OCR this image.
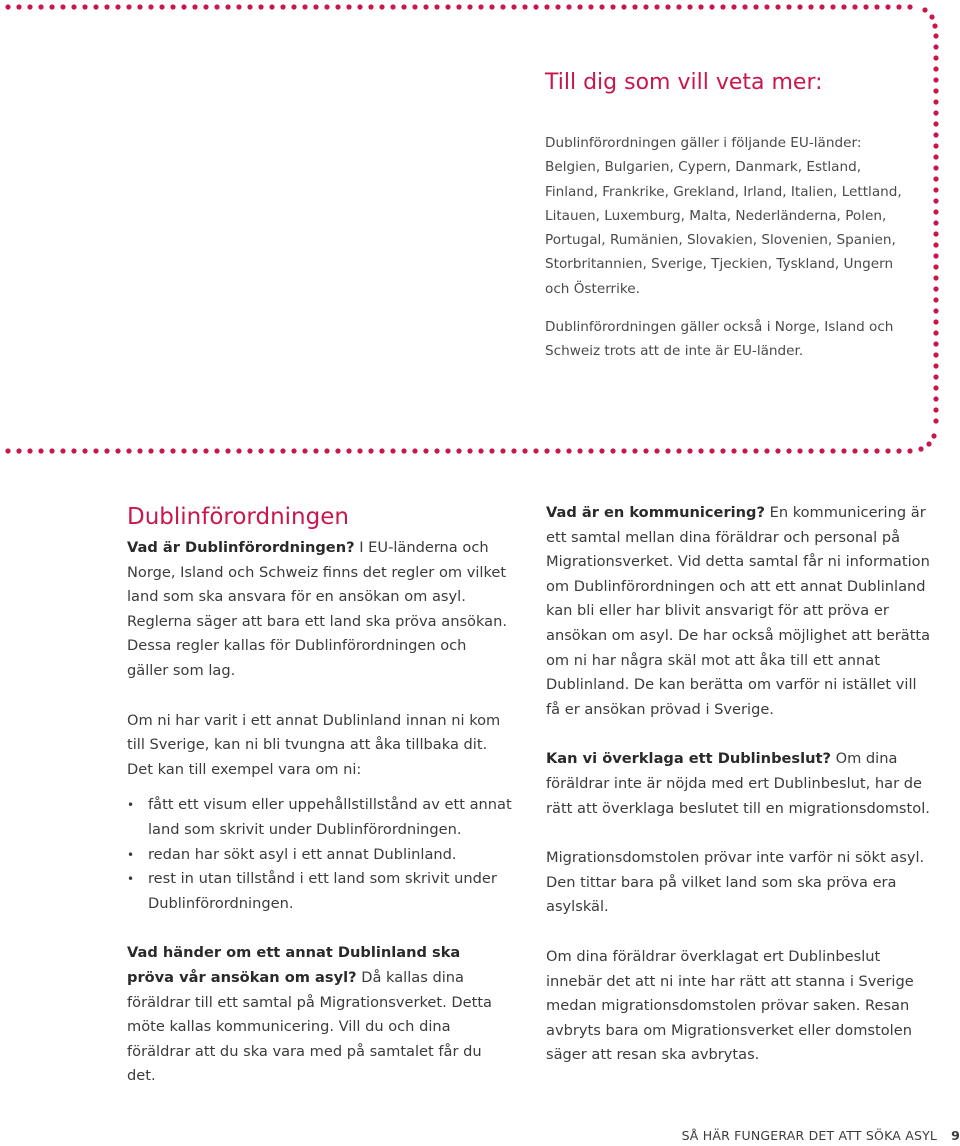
Till dig som vill veta mer:

Dublinförordningen gäller i följande EU-länder: Belgien, Bulgarien, Cypern, Danmark, Estland, Finland, Frankrike, Grekland, Irland, Italien, Lettland, Litauen, Luxemburg, Malta, Nederländerna, Polen, Portugal, Rumänien, Slovakien, Slovenien, Spanien, Storbritannien, Sverige, Tjeckien, Tyskland, Ungern och Österrike.

Dublinförordningen gäller också i Norge, Island och Schweiz trots att de inte är EU-länder.

Dublinförordningen

Vad är Dublinförordningen? I EU-länderna och Norge, Island och Schweiz finns det regler om vilket land som ska ansvara för en ansökan om asyl. Reglerna säger att bara ett land ska pröva ansökan. Dessa regler kallas för Dublinförordningen och gäller som lag.

Om ni har varit i ett annat Dublinland innan ni kom till Sverige, kan ni bli tvungna att åka tillbaka dit. Det kan till exempel vara om ni:

• fått ett visum eller uppehållstillstånd av ett annat land som skrivit under Dublinförordningen.
• redan har sökt asyl i ett annat Dublinland.
• rest in utan tillstånd i ett land som skrivit under Dublinförordningen.

Vad händer om ett annat Dublinland ska pröva vår ansökan om asyl? Då kallas dina föräldrar till ett samtal på Migrationsverket. Detta möte kallas kommunicering. Vill du och dina föräldrar att du ska vara med på samtalet får du det.

Vad är en kommunicering? En kommunicering är ett samtal mellan dina föräldrar och personal på Migrationsverket. Vid detta samtal får ni information om Dublinförordningen och att ett annat Dublinland kan bli eller har blivit ansvarigt för att pröva er ansökan om asyl. De har också möjlighet att berätta om ni har några skäl mot att åka till ett annat Dublinland. De kan berätta om varför ni istället vill få er ansökan prövad i Sverige.

Kan vi överklaga ett Dublinbeslut? Om dina föräldrar inte är nöjda med ert Dublinbeslut, har de rätt att överklaga beslutet till en migrationsdomstol.

Migrationsdomstolen prövar inte varför ni sökt asyl. Den tittar bara på vilket land som ska pröva era asylskäl.

Om dina föräldrar överklagat ert Dublinbeslut innebär det att ni inte har rätt att stanna i Sverige medan migrationsdomstolen prövar saken. Resan avbryts bara om Migrationsverket eller domstolen säger att resan ska avbrytas.

SÅ HÄR FUNGERAR DET ATT SÖKA ASYL 9
